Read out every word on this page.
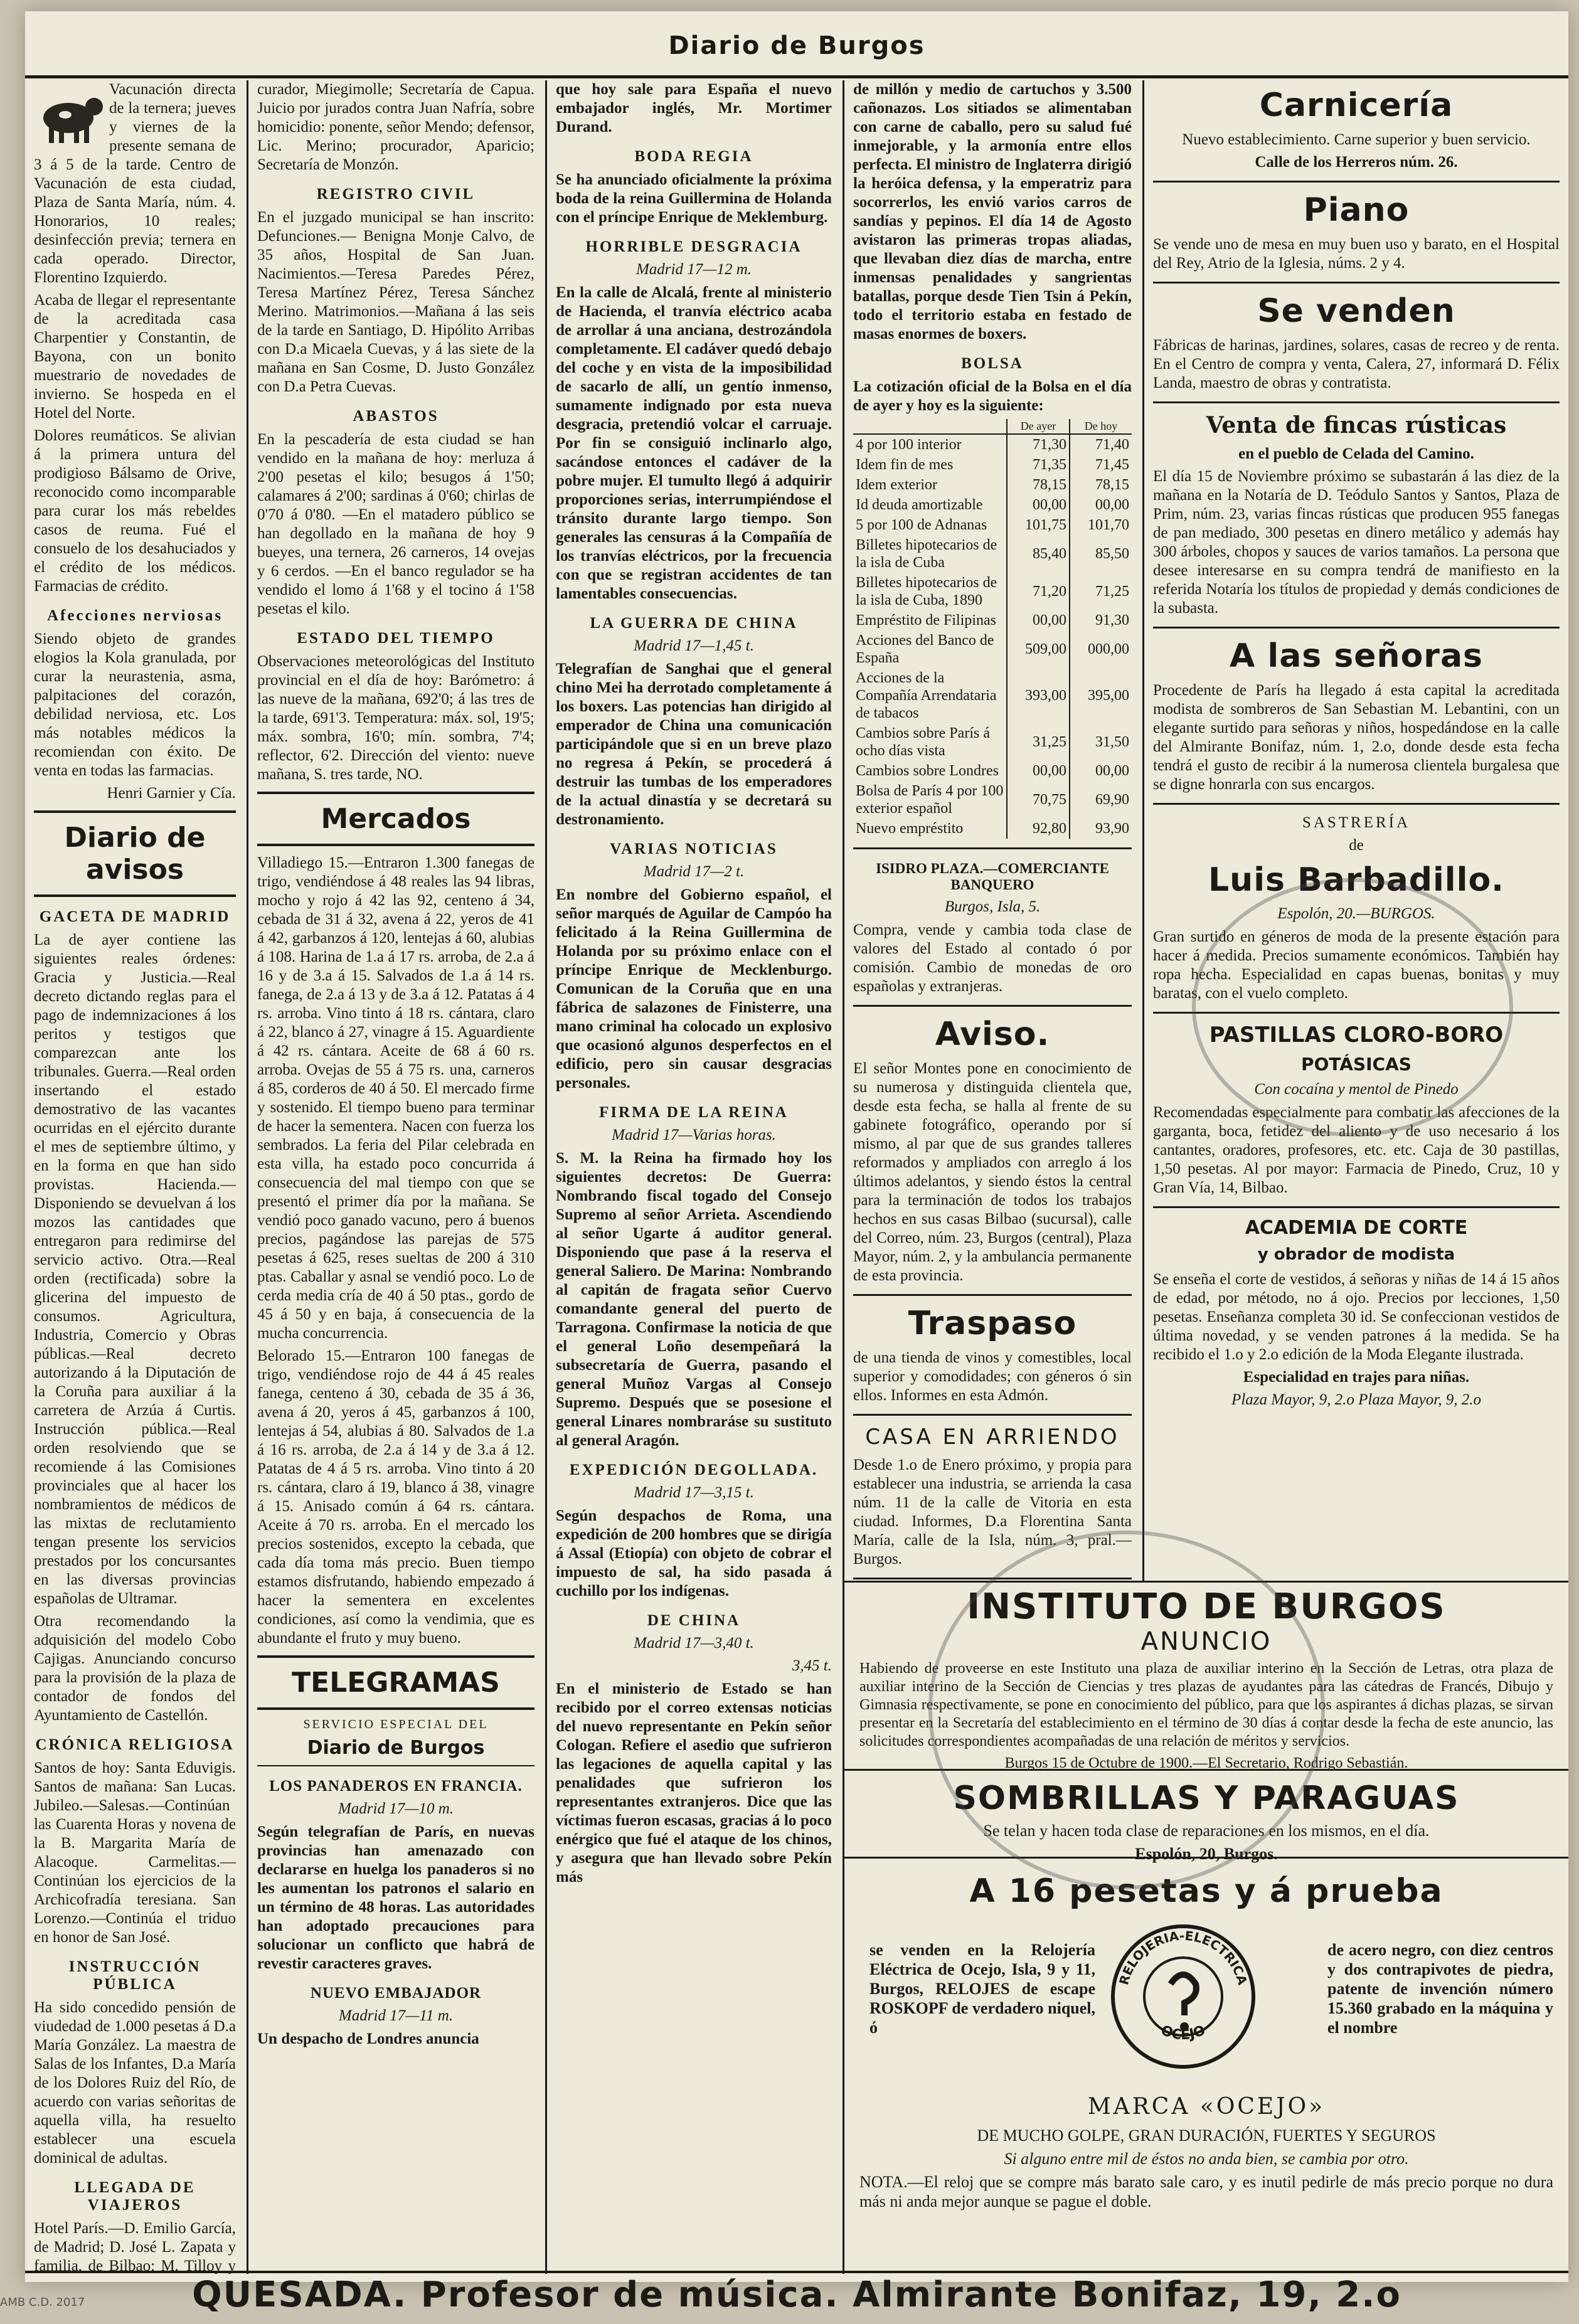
Diario de Burgos

Vacunación directa de la ternera; jueves y viernes de la presente semana de 3 á 5 de la tarde. Centro de Vacunación de esta ciudad, Plaza de Santa María, núm. 4. Honorarios, 10 reales; desinfección previa; ternera en cada operado. Director, Florentino Izquierdo.

Acaba de llegar el representante de la acreditada casa Charpentier y Constantin, de Bayona, con un bonito muestrario de novedades de invierno. Se hospeda en el Hotel del Norte.

Dolores reumáticos. Se alivian á la primera untura del prodigioso Bálsamo de Orive, reconocido como incomparable para curar los más rebeldes casos de reuma. Fué el consuelo de los desahuciados y el crédito de los médicos. Farmacias de crédito.

Afecciones nerviosas

Siendo objeto de grandes elogios la Kola granulada, por curar la neurastenia, asma, palpitaciones del corazón, debilidad nerviosa, etc. Los más notables médicos la recomiendan con éxito. De venta en todas las farmacias.

Henri Garnier y Cía.

Diario de avisos
GACETA DE MADRID

La de ayer contiene las siguientes reales órdenes: Gracia y Justicia.—Real decreto dictando reglas para el pago de indemnizaciones á los peritos y testigos que comparezcan ante los tribunales. Guerra.—Real orden insertando el estado demostrativo de las vacantes ocurridas en el ejército durante el mes de septiembre último, y en la forma en que han sido provistas. Hacienda.—Disponiendo se devuelvan á los mozos las cantidades que entregaron para redimirse del servicio activo. Otra.—Real orden (rectificada) sobre la glicerina del impuesto de consumos. Agricultura, Industria, Comercio y Obras públicas.—Real decreto autorizando á la Diputación de la Coruña para auxiliar á la carretera de Arzúa á Curtis. Instrucción pública.—Real orden resolviendo que se recomiende á las Comisiones provinciales que al hacer los nombramientos de médicos de las mixtas de reclutamiento tengan presente los servicios prestados por los concursantes en las diversas provincias españolas de Ultramar.

Otra recomendando la adquisición del modelo Cobo Cajigas. Anunciando concurso para la provisión de la plaza de contador de fondos del Ayuntamiento de Castellón.

CRÓNICA RELIGIOSA

Santos de hoy: Santa Eduvigis. Santos de mañana: San Lucas. Jubileo.—Salesas.—Continúan las Cuarenta Horas y novena de la B. Margarita María de Alacoque. Carmelitas.—Continúan los ejercicios de la Archicofradía teresiana. San Lorenzo.—Continúa el triduo en honor de San José.

INSTRUCCIÓN PÚBLICA

Ha sido concedido pensión de viudedad de 1.000 pesetas á D.a María González. La maestra de Salas de los Infantes, D.a María de los Dolores Ruiz del Río, de acuerdo con varias señoritas de aquella villa, ha resuelto establecer una escuela dominical de adultas.

LLEGADA DE VIAJEROS

Hotel París.—D. Emilio García, de Madrid; D. José L. Zapata y familia, de Bilbao; M. Tilloy y

curador, Miegimolle; Secretaría de Capua. Juicio por jurados contra Juan Nafría, sobre homicidio: ponente, señor Mendo; defensor, Lic. Merino; procurador, Aparicio; Secretaría de Monzón.

REGISTRO CIVIL

En el juzgado municipal se han inscrito: Defunciones.— Benigna Monje Calvo, de 35 años, Hospital de San Juan. Nacimientos.—Teresa Paredes Pérez, Teresa Martínez Pérez, Teresa Sánchez Merino. Matrimonios.—Mañana á las seis de la tarde en Santiago, D. Hipólito Arribas con D.a Micaela Cuevas, y á las siete de la mañana en San Cosme, D. Justo González con D.a Petra Cuevas.

ABASTOS

En la pescadería de esta ciudad se han vendido en la mañana de hoy: merluza á 2'00 pesetas el kilo; besugos á 1'50; calamares á 2'00; sardinas á 0'60; chirlas de 0'70 á 0'80. —En el matadero público se han degollado en la mañana de hoy 9 bueyes, una ternera, 26 carneros, 14 ovejas y 6 cerdos. —En el banco regulador se ha vendido el lomo á 1'68 y el tocino á 1'58 pesetas el kilo.

ESTADO DEL TIEMPO

Observaciones meteorológicas del Instituto provincial en el día de hoy: Barómetro: á las nueve de la mañana, 692'0; á las tres de la tarde, 691'3. Temperatura: máx. sol, 19'5; máx. sombra, 16'0; mín. sombra, 7'4; reflector, 6'2. Dirección del viento: nueve mañana, S. tres tarde, NO.

Mercados

Villadiego 15.—Entraron 1.300 fanegas de trigo, vendiéndose á 48 reales las 94 libras, mocho y rojo á 42 las 92, centeno á 34, cebada de 31 á 32, avena á 22, yeros de 41 á 42, garbanzos á 120, lentejas á 60, alubias á 108. Harina de 1.a á 17 rs. arroba, de 2.a á 16 y de 3.a á 15. Salvados de 1.a á 14 rs. fanega, de 2.a á 13 y de 3.a á 12. Patatas á 4 rs. arroba. Vino tinto á 18 rs. cántara, claro á 22, blanco á 27, vinagre á 15. Aguardiente á 42 rs. cántara. Aceite de 68 á 60 rs. arroba. Ovejas de 55 á 75 rs. una, carneros á 85, corderos de 40 á 50. El mercado firme y sostenido. El tiempo bueno para terminar de hacer la sementera. Nacen con fuerza los sembrados. La feria del Pilar celebrada en esta villa, ha estado poco concurrida á consecuencia del mal tiempo con que se presentó el primer día por la mañana. Se vendió poco ganado vacuno, pero á buenos precios, pagándose las parejas de 575 pesetas á 625, reses sueltas de 200 á 310 ptas. Caballar y asnal se vendió poco. Lo de cerda media cría de 40 á 50 ptas., gordo de 45 á 50 y en baja, á consecuencia de la mucha concurrencia.

Belorado 15.—Entraron 100 fanegas de trigo, vendiéndose rojo de 44 á 45 reales fanega, centeno á 30, cebada de 35 á 36, avena á 20, yeros á 45, garbanzos á 100, lentejas á 54, alubias á 80. Salvados de 1.a á 16 rs. arroba, de 2.a á 14 y de 3.a á 12. Patatas de 4 á 5 rs. arroba. Vino tinto á 20 rs. cántara, claro á 19, blanco á 38, vinagre á 15. Anisado común á 64 rs. cántara. Aceite á 70 rs. arroba. En el mercado los precios sostenidos, excepto la cebada, que cada día toma más precio. Buen tiempo estamos disfrutando, habiendo empezado á hacer la sementera en excelentes condiciones, así como la vendimia, que es abundante el fruto y muy bueno.

TELEGRAMAS
SERVICIO ESPECIAL DEL
Diario de Burgos
LOS PANADEROS EN FRANCIA.
Madrid 17—10 m.

Según telegrafían de París, en nuevas provincias han amenazado con declararse en huelga los panaderos si no les aumentan los patronos el salario en un término de 48 horas. Las autoridades han adoptado precauciones para solucionar un conflicto que habrá de revestir caracteres graves.

NUEVO EMBAJADOR
Madrid 17—11 m.

Un despacho de Londres anuncia

que hoy sale para España el nuevo embajador inglés, Mr. Mortimer Durand.

BODA REGIA

Se ha anunciado oficialmente la próxima boda de la reina Guillermina de Holanda con el príncipe Enrique de Meklemburg.

HORRIBLE DESGRACIA
Madrid 17—12 m.

En la calle de Alcalá, frente al ministerio de Hacienda, el tranvía eléctrico acaba de arrollar á una anciana, destrozándola completamente. El cadáver quedó debajo del coche y en vista de la imposibilidad de sacarlo de allí, un gentío inmenso, sumamente indignado por esta nueva desgracia, pretendió volcar el carruaje. Por fin se consiguió inclinarlo algo, sacándose entonces el cadáver de la pobre mujer. El tumulto llegó á adquirir proporciones serias, interrumpiéndose el tránsito durante largo tiempo. Son generales las censuras á la Compañía de los tranvías eléctricos, por la frecuencia con que se registran accidentes de tan lamentables consecuencias.

LA GUERRA DE CHINA
Madrid 17—1,45 t.

Telegrafían de Sanghai que el general chino Mei ha derrotado completamente á los boxers. Las potencias han dirigido al emperador de China una comunicación participándole que si en un breve plazo no regresa á Pekín, se procederá á destruir las tumbas de los emperadores de la actual dinastía y se decretará su destronamiento.

VARIAS NOTICIAS
Madrid 17—2 t.

En nombre del Gobierno español, el señor marqués de Aguilar de Campóo ha felicitado á la Reina Guillermina de Holanda por su próximo enlace con el príncipe Enrique de Mecklenburgo. Comunican de la Coruña que en una fábrica de salazones de Finisterre, una mano criminal ha colocado un explosivo que ocasionó algunos desperfectos en el edificio, pero sin causar desgracias personales.

FIRMA DE LA REINA
Madrid 17—Varias horas.

S. M. la Reina ha firmado hoy los siguientes decretos: De Guerra: Nombrando fiscal togado del Consejo Supremo al señor Arrieta. Ascendiendo al señor Ugarte á auditor general. Disponiendo que pase á la reserva el general Saliero. De Marina: Nombrando al capitán de fragata señor Cuervo comandante general del puerto de Tarragona. Confirmase la noticia de que el general Loño desempeñará la subsecretaría de Guerra, pasando el general Muñoz Vargas al Consejo Supremo. Después que se posesione el general Linares nombraráse su sustituto al general Aragón.

EXPEDICIÓN DEGOLLADA.
Madrid 17—3,15 t.

Según despachos de Roma, una expedición de 200 hombres que se dirigía á Assal (Etiopía) con objeto de cobrar el impuesto de sal, ha sido pasada á cuchillo por los indígenas.

DE CHINA
Madrid 17—3,40 t.
3,45 t.

En el ministerio de Estado se han recibido por el correo extensas noticias del nuevo representante en Pekín señor Cologan. Refiere el asedio que sufrieron las legaciones de aquella capital y las penalidades que sufrieron los representantes extranjeros. Dice que las víctimas fueron escasas, gracias á lo poco enérgico que fué el ataque de los chinos, y asegura que han llevado sobre Pekín más

de millón y medio de cartuchos y 3.500 cañonazos. Los sitiados se alimentaban con carne de caballo, pero su salud fué inmejorable, y la armonía entre ellos perfecta. El ministro de Inglaterra dirigió la heróica defensa, y la emperatriz para socorrerlos, les envió varios carros de sandías y pepinos. El día 14 de Agosto avistaron las primeras tropas aliadas, que llevaban diez días de marcha, entre inmensas penalidades y sangrientas batallas, porque desde Tien Tsin á Pekín, todo el territorio estaba en festado de masas enormes de boxers.

BOLSA

La cotización oficial de la Bolsa en el día de ayer y hoy es la siguiente:

	De ayer	De hoy
4 por 100 interior	71,30	71,40
Idem fin de mes	71,35	71,45
Idem exterior	78,15	78,15
Id deuda amortizable	00,00	00,00
5 por 100 de Adnanas	101,75	101,70
Billetes hipotecarios de la isla de Cuba	85,40	85,50
Billetes hipotecarios de la isla de Cuba, 1890	71,20	71,25
Empréstito de Filipinas	00,00	91,30
Acciones del Banco de España	509,00	000,00
Acciones de la Compañía Arrendataria de tabacos	393,00	395,00
Cambios sobre París á ocho días vista	31,25	31,50
Cambios sobre Londres	00,00	00,00
Bolsa de París 4 por 100 exterior español	70,75	69,90
Nuevo empréstito	92,80	93,90
ISIDRO PLAZA.—COMERCIANTE BANQUERO
Burgos, Isla, 5.

Compra, vende y cambia toda clase de valores del Estado al contado ó por comisión. Cambio de monedas de oro españolas y extranjeras.

Aviso.

El señor Montes pone en conocimiento de su numerosa y distinguida clientela que, desde esta fecha, se halla al frente de su gabinete fotográfico, operando por sí mismo, al par que de sus grandes talleres reformados y ampliados con arreglo á los últimos adelantos, y siendo éstos la central para la terminación de todos los trabajos hechos en sus casas Bilbao (sucursal), calle del Correo, núm. 23, Burgos (central), Plaza Mayor, núm. 2, y la ambulancia permanente de esta provincia.

Traspaso

de una tienda de vinos y comestibles, local superior y comodidades; con géneros ó sin ellos. Informes en esta Admón.

CASA EN ARRIENDO

Desde 1.o de Enero próximo, y propia para establecer una industria, se arrienda la casa núm. 11 de la calle de Vitoria en esta ciudad. Informes, D.a Florentina Santa María, calle de la Isla, núm. 3, pral.—Burgos.

Carnicería

Nuevo establecimiento. Carne superior y buen servicio.

Calle de los Herreros núm. 26.

Piano

Se vende uno de mesa en muy buen uso y barato, en el Hospital del Rey, Atrio de la Iglesia, núms. 2 y 4.

Se venden

Fábricas de harinas, jardines, solares, casas de recreo y de renta. En el Centro de compra y venta, Calera, 27, informará D. Félix Landa, maestro de obras y contratista.

Venta de fincas rústicas

en el pueblo de Celada del Camino.

El día 15 de Noviembre próximo se subastarán á las diez de la mañana en la Notaría de D. Teódulo Santos y Santos, Plaza de Prim, núm. 23, varias fincas rústicas que producen 955 fanegas de pan mediado, 300 pesetas en dinero metálico y además hay 300 árboles, chopos y sauces de varios tamaños. La persona que desee interesarse en su compra tendrá de manifiesto en la referida Notaría los títulos de propiedad y demás condiciones de la subasta.

A las señoras

Procedente de París ha llegado á esta capital la acreditada modista de sombreros de San Sebastian M. Lebantini, con un elegante surtido para señoras y niños, hospedándose en la calle del Almirante Bonifaz, núm. 1, 2.o, donde desde esta fecha tendrá el gusto de recibir á la numerosa clientela burgalesa que se digne honrarla con sus encargos.

SASTRERÍA

de

Luis Barbadillo.
Espolón, 20.—BURGOS.

Gran surtido en géneros de moda de la presente estación para hacer á medida. Precios sumamente económicos. También hay ropa hecha. Especialidad en capas buenas, bonitas y muy baratas, con el vuelo completo.

PASTILLAS CLORO-BORO
POTÁSICAS
Con cocaína y mentol de Pinedo

Recomendadas especialmente para combatir las afecciones de la garganta, boca, fetidez del aliento y de uso necesario á los cantantes, oradores, profesores, etc. etc. Caja de 30 pastillas, 1,50 pesetas. Al por mayor: Farmacia de Pinedo, Cruz, 10 y Gran Vía, 14, Bilbao.

ACADEMIA DE CORTE
y obrador de modista

Se enseña el corte de vestidos, á señoras y niñas de 14 á 15 años de edad, por método, no á ojo. Precios por lecciones, 1,50 pesetas. Enseñanza completa 30 id. Se confeccionan vestidos de última novedad, y se venden patrones á la medida. Se ha recibido el 1.o y 2.o edición de la Moda Elegante ilustrada.

Especialidad en trajes para niñas.

Plaza Mayor, 9, 2.o Plaza Mayor, 9, 2.o

INSTITUTO DE BURGOS
ANUNCIO

Habiendo de proveerse en este Instituto una plaza de auxiliar interino en la Sección de Letras, otra plaza de auxiliar interino de la Sección de Ciencias y tres plazas de ayudantes para las cátedras de Francés, Dibujo y Gimnasia respectivamente, se pone en conocimiento del público, para que los aspirantes á dichas plazas, se sirvan presentar en la Secretaría del establecimiento en el término de 30 días á contar desde la fecha de este anuncio, las solicitudes correspondientes acompañadas de una relación de méritos y servicios.

Burgos 15 de Octubre de 1900.—El Secretario, Rodrigo Sebastián.

SOMBRILLAS Y PARAGUAS

Se telan y hacen toda clase de reparaciones en los mismos, en el día.

Espolón, 20, Burgos.

A 16 pesetas y á prueba

se venden en la Relojería Eléctrica de Ocejo, Isla, 9 y 11, Burgos, RELOJES de escape ROSKOPF de verdadero niquel, ó

RELOJERIA-ELECTRICA
OCEJO

de acero negro, con diez centros y dos contrapivotes de piedra, patente de invención número 15.360 grabado en la máquina y el nombre

MARCA «OCEJO»

DE MUCHO GOLPE, GRAN DURACIÓN, FUERTES Y SEGUROS

Si alguno entre mil de éstos no anda bien, se cambia por otro.

NOTA.—El reloj que se compre más barato sale caro, y es inutil pedirle de más precio porque no dura más ni anda mejor aunque se pague el doble.

QUESADA. Profesor de música. Almirante Bonifaz, 19, 2.o
AMB C.D. 2017
